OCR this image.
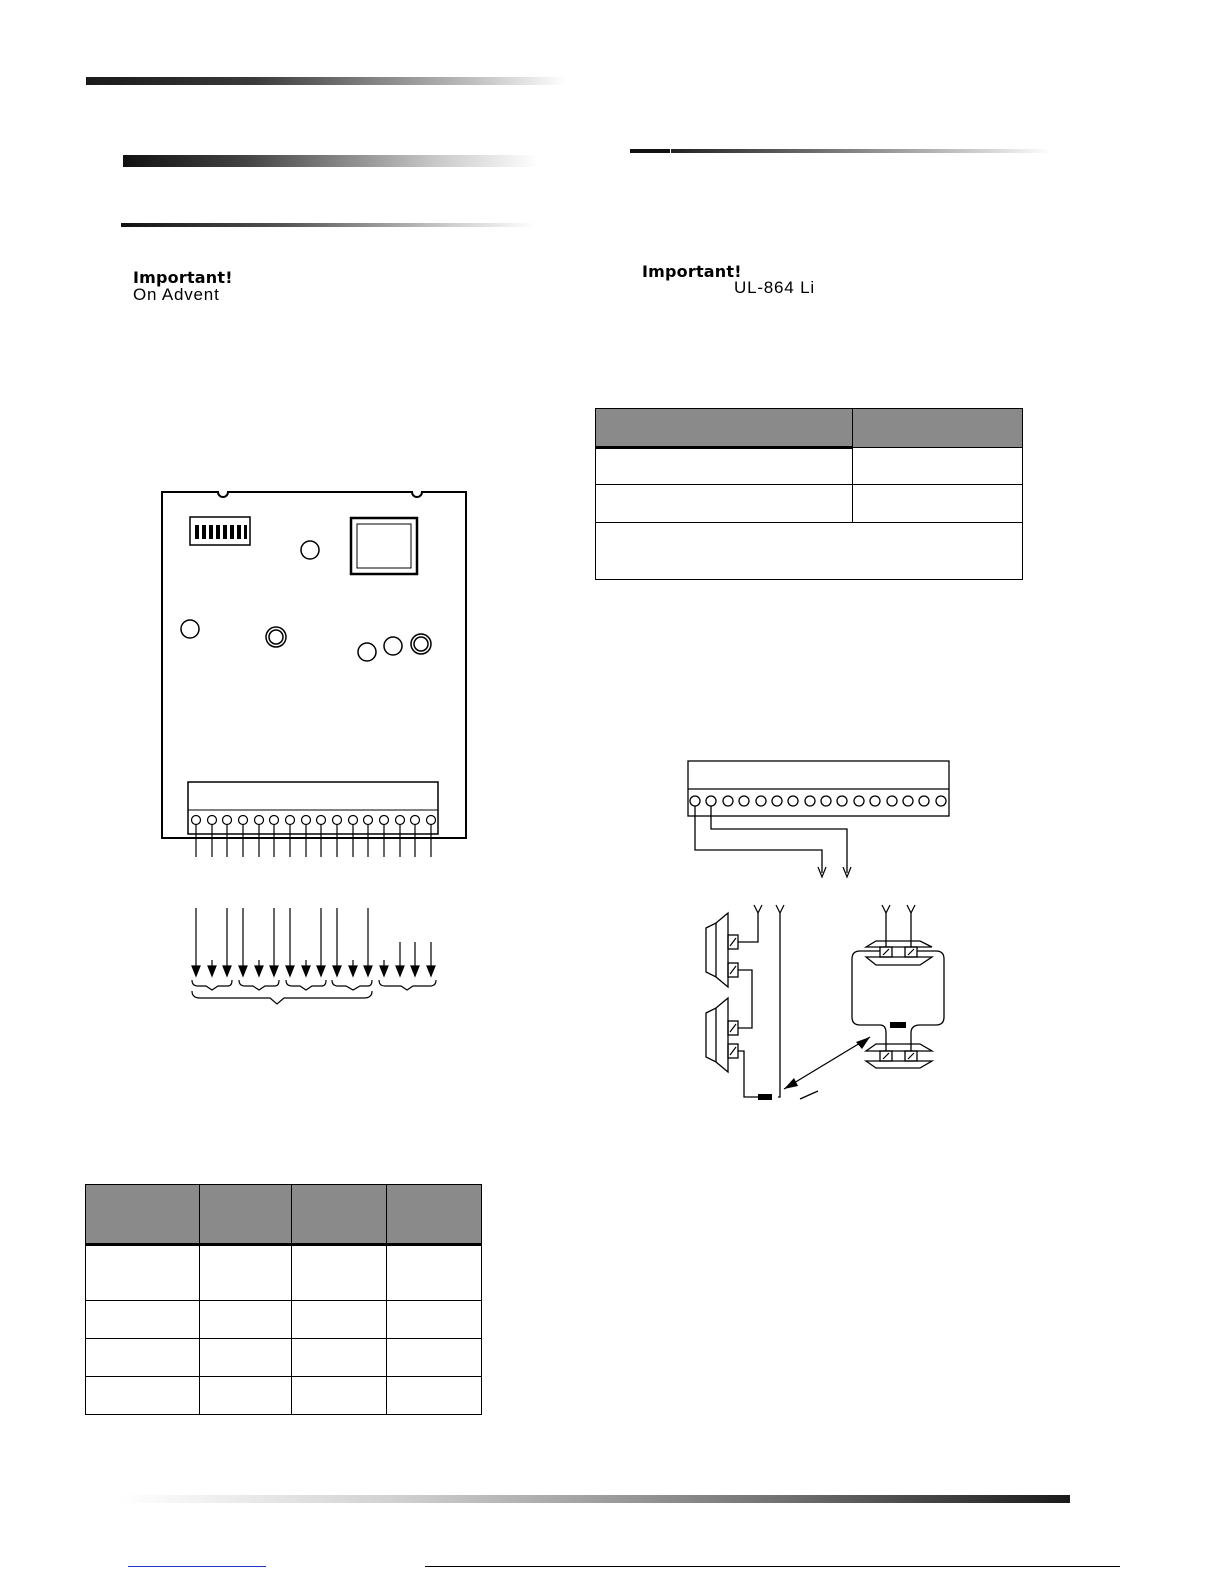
Important!
On Advent
Important!
UL-864 Li
